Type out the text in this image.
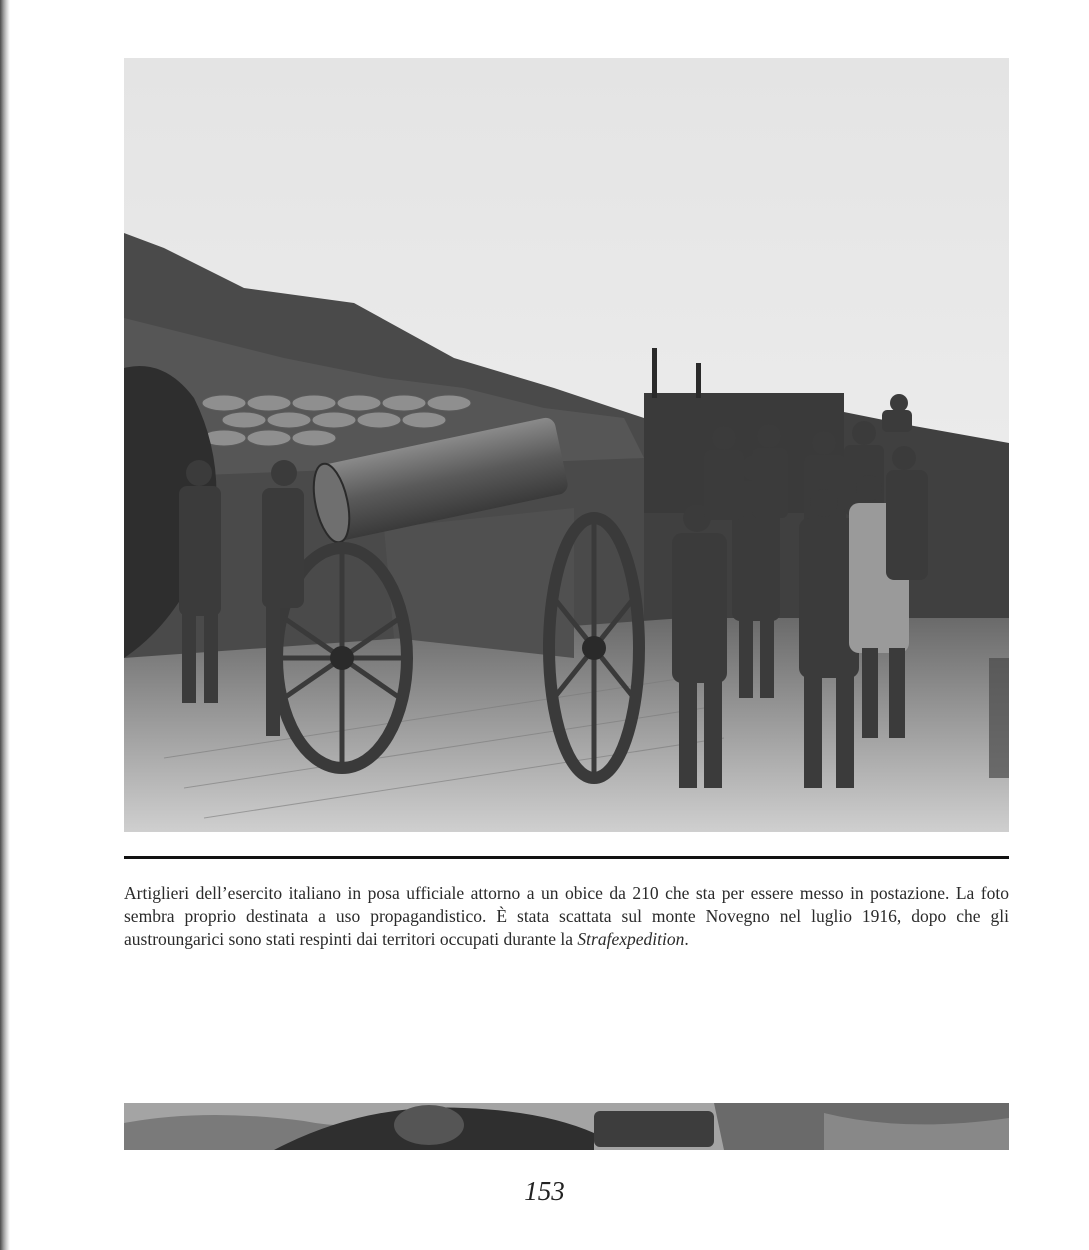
Artiglieri dell’esercito italiano in posa ufficiale attorno a un obice da 210 che sta per essere messo in postazione. La foto sembra proprio destinata a uso propagandistico. È stata scattata sul monte Novegno nel luglio 1916, dopo che gli austroungarici sono stati respinti dai territori occupati durante la Strafexpedition.

153
